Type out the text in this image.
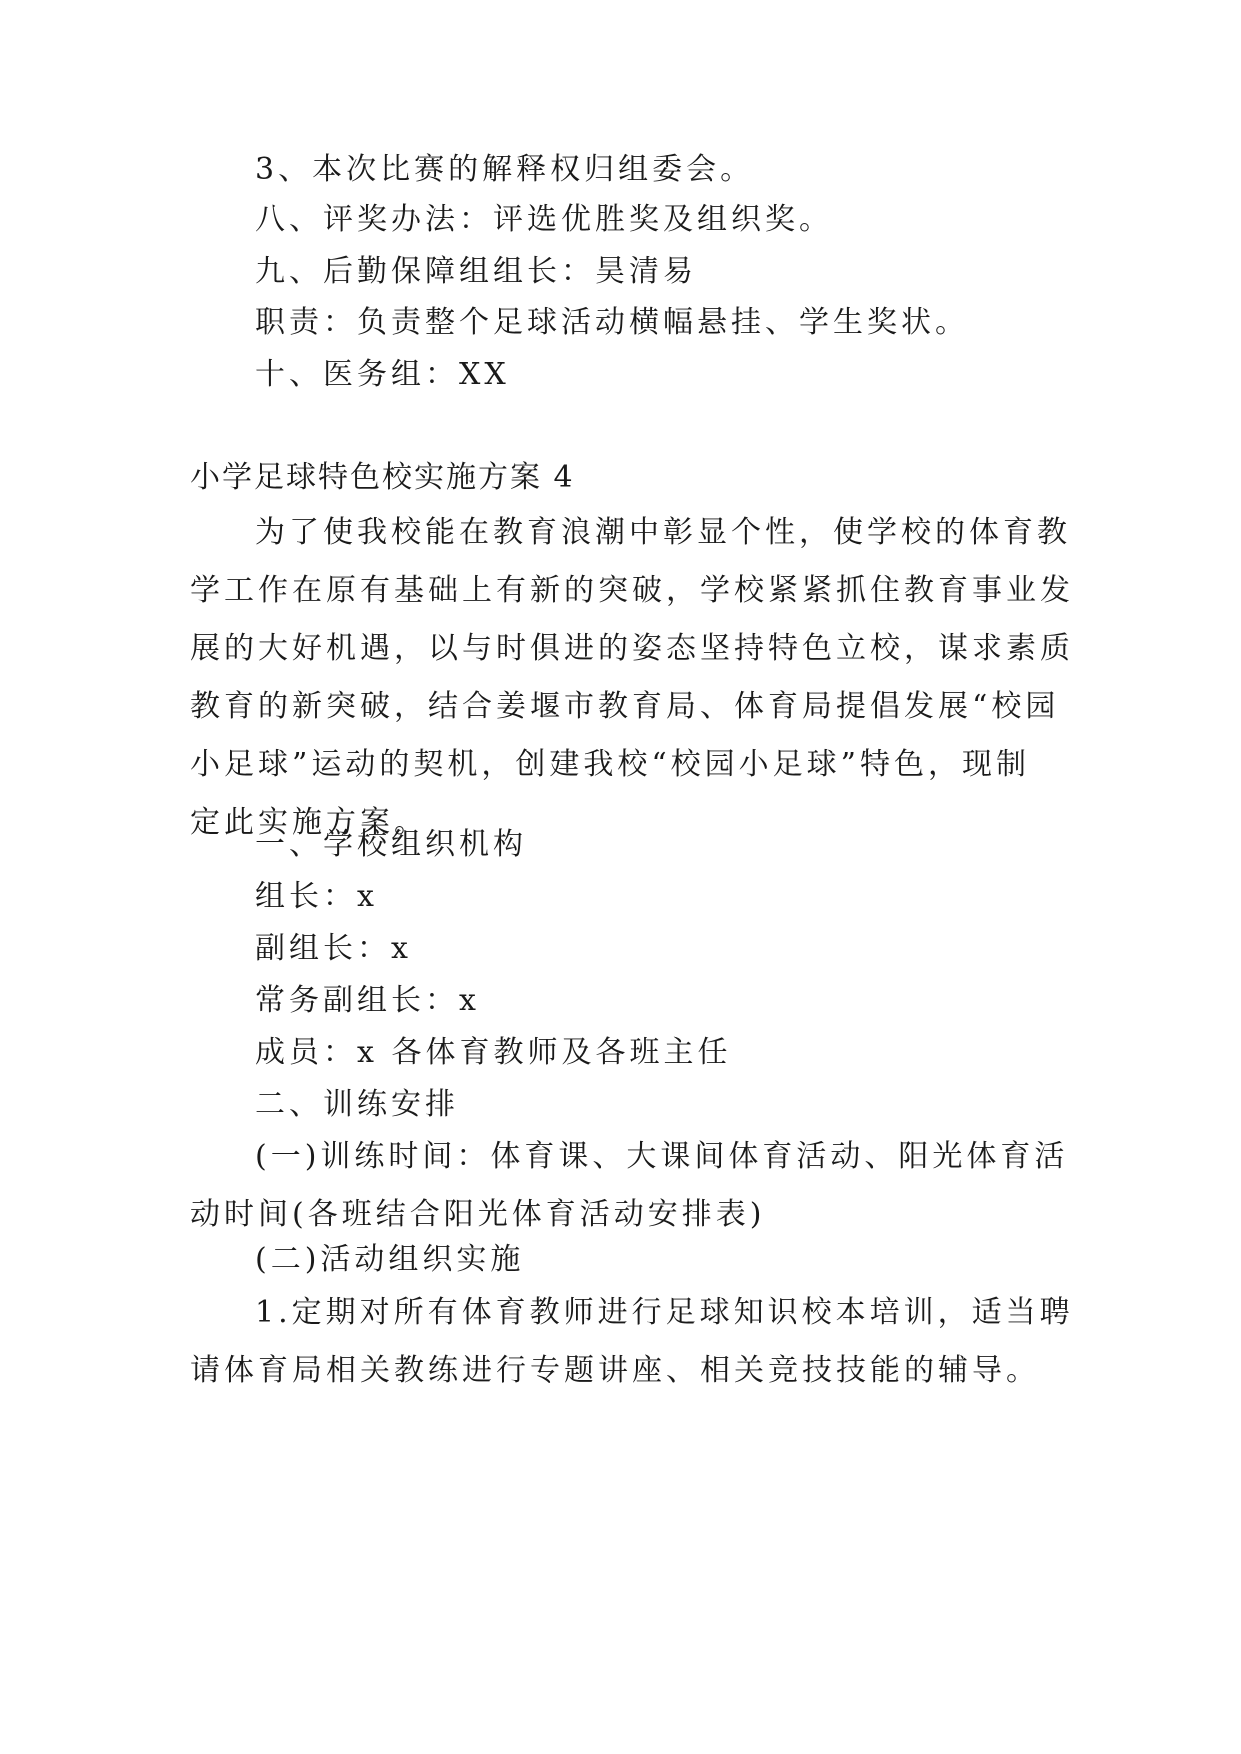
3、本次比赛的解释权归组委会。

八、评奖办法：评选优胜奖及组织奖。

九、后勤保障组组长：昊清易

职责：负责整个足球活动横幅悬挂、学生奖状。

十、医务组：XX

小学足球特色校实施方案 4

为了使我校能在教育浪潮中彰显个性，使学校的体育教
学工作在原有基础上有新的突破，学校紧紧抓住教育事业发
展的大好机遇，以与时俱进的姿态坚持特色立校，谋求素质
教育的新突破，结合姜堰市教育局、体育局提倡发展“校园
小足球”运动的契机，创建我校“校园小足球”特色，现制
定此实施方案。

一、学校组织机构

组长：x

副组长：x

常务副组长：x

成员：x 各体育教师及各班主任

二、训练安排

(一)训练时间：体育课、大课间体育活动、阳光体育活
动时间(各班结合阳光体育活动安排表)

(二)活动组织实施

1.定期对所有体育教师进行足球知识校本培训，适当聘
请体育局相关教练进行专题讲座、相关竞技技能的辅导。
